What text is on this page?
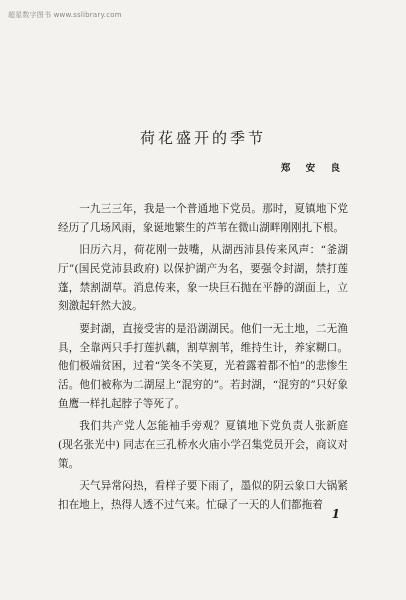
超星数字图书 www.sslibrary.com
荷花盛开的季节
郑 安 良

一九三三年，我是一个普通地下党员。那时，夏镇地下党经历了几场风雨，象诞地繁生的芦苇在微山湖畔刚刚扎下根。

旧历六月，荷花刚一鼓嘴，从湖西沛县传来风声：“釜湖厅”(国民党沛县政府) 以保护湖产为名，要强令封湖，禁打莲蓬，禁割湖草。消息传来，象一块巨石抛在平静的湖面上，立刻激起轩然大波。

要封湖，直接受害的是沿湖湖民。他们一无土地，二无渔具，全靠两只手打莲扒藕，割草割苇，维持生计，养家糊口。他们极端贫困，过着“笑冬不笑夏，光着露着都不怕”的悲惨生活。他们被称为二湖屋上“混穷的”。若封湖，“混穷的”只好象鱼鹰一样扎起脖子等死了。

我们共产党人怎能袖手旁观？夏镇地下党负责人张新庭(现名张光中) 同志在三孔桥水火庙小学召集党员开会，商议对策。

天气异常闷热，看样子要下雨了，墨似的阴云象口大锅紧扣在地上，热得人透不过气来。忙碌了一天的人们都拖着

1
